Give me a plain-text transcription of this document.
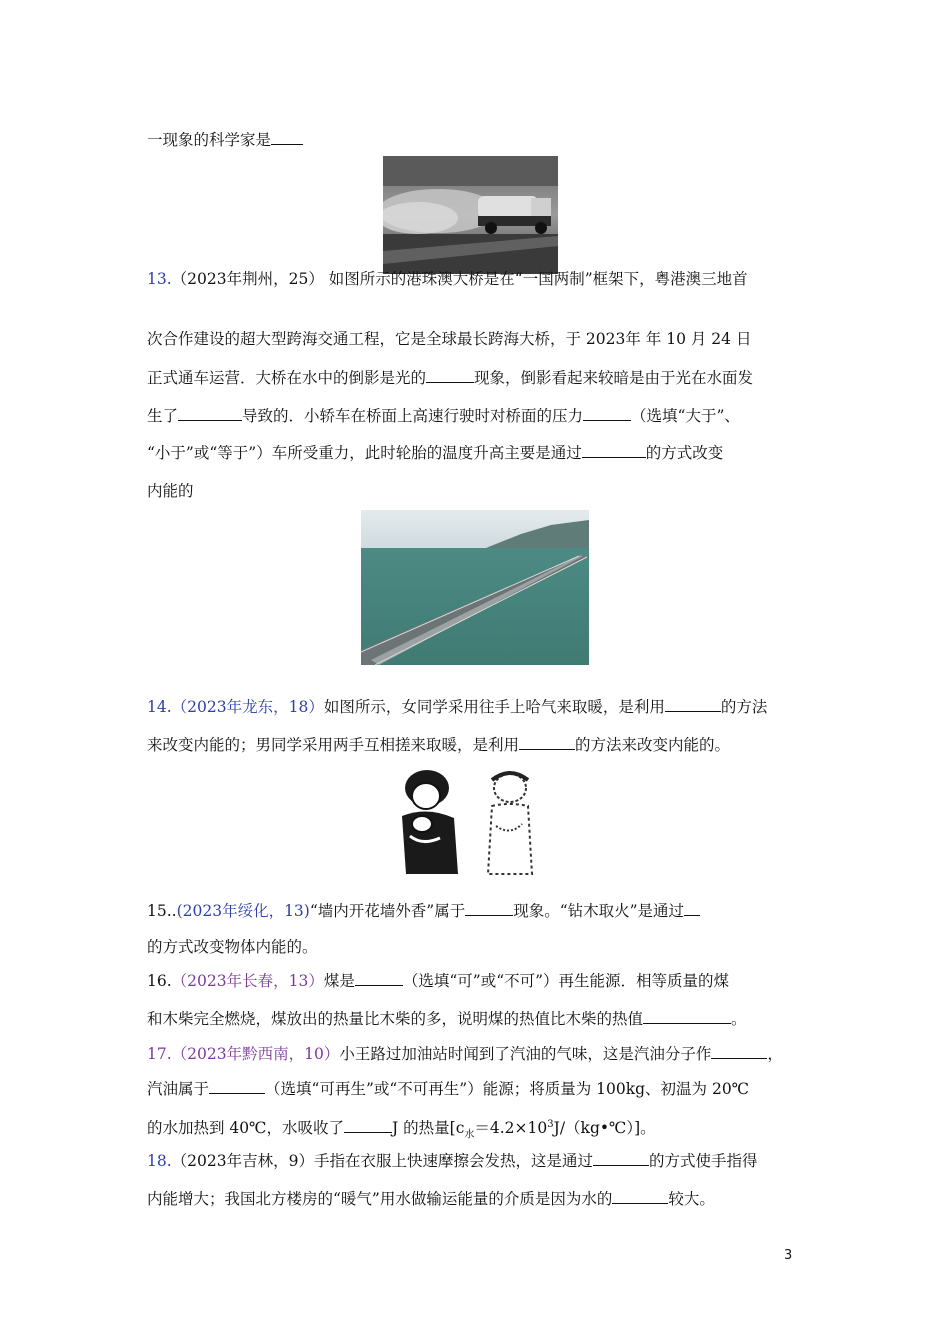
一现象的科学家是
13.（2023年荆州，25） 如图所示的港珠澳大桥是在“一国两制”框架下，粤港澳三地首
次合作建设的超大型跨海交通工程，它是全球最长跨海大桥，于 2023年 年 10 月 24 日
正式通车运营．大桥在水中的倒影是光的	现象，倒影看起来较暗是由于光在水面发
生了	导致的．小轿车在桥面上高速行驶时对桥面的压力	（选填“大于”、
“小于”或“等于”）车所受重力，此时轮胎的温度升高主要是通过	的方式改变
内能的
14.（2023年龙东，18）如图所示，女同学采用往手上哈气来取暖，是利用	的方法
来改变内能的；男同学采用两手互相搓来取暖，是利用	的方法来改变内能的。
15..(2023年绥化，13)“墙内开花墙外香”属于	现象。“钻木取火”是通过
的方式改变物体内能的。
16.（2023年长春，13）煤是	（选填“可”或“不可”）再生能源．相等质量的煤
和木柴完全燃烧，煤放出的热量比木柴的多，说明煤的热值比木柴的热值	。
17.（2023年黔西南，10）小王路过加油站时闻到了汽油的气味，这是汽油分子作	，
汽油属于	（选填“可再生”或“不可再生”）能源；将质量为 100kg、初温为 20℃
的水加热到 40℃，水吸收了	J 的热量$[c_水=4.2\times 10^3J/(kg•℃)]$。
18.（2023年吉林，9）手指在衣服上快速摩擦会发热，这是通过	的方式使手指得
内能增大；我国北方楼房的“暖气”用水做输运能量的介质是因为水的	较大。
3
